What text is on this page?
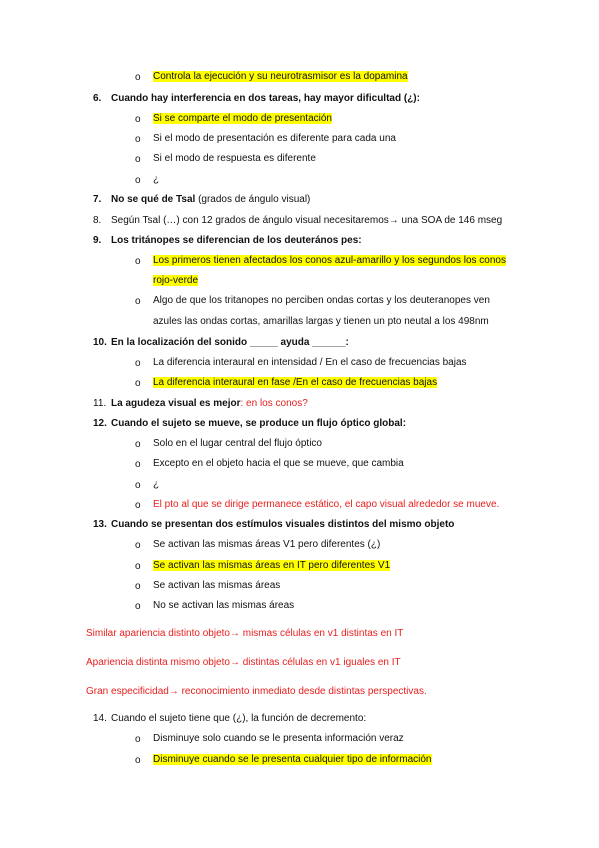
o Controla la ejecución y su neurotrasmisor es la dopamina
6. Cuando hay interferencia en dos tareas, hay mayor dificultad (¿):
o Si se comparte el modo de presentación
o Si el modo de presentación es diferente para cada una
o Si el modo de respuesta es diferente
o ¿
7. No se qué de Tsal (grados de ángulo visual)
8. Según Tsal (…) con 12 grados de ángulo visual necesitaremos→ una SOA de 146 mseg
9. Los tritánopes se diferencian de los deuterános pes:
o Los primeros tienen afectados los conos azul-amarillo y los segundos los conos
rojo-verde
o Algo de que los tritanopes no perciben ondas cortas y los deuteranopes ven
azules las ondas cortas, amarillas largas y tienen un pto neutal a los 498nm
10. En la localización del sonido _____ ayuda ______:
o La diferencia interaural en intensidad / En el caso de frecuencias bajas
o La diferencia interaural en fase /En el caso de frecuencias bajas
11. La agudeza visual es mejor: en los conos?
12. Cuando el sujeto se mueve, se produce un flujo óptico global:
o Solo en el lugar central del flujo óptico
o Excepto en el objeto hacia el que se mueve, que cambia
o ¿
o El pto al que se dirige permanece estático, el capo visual alrededor se mueve.
13. Cuando se presentan dos estímulos visuales distintos del mismo objeto
o Se activan las mismas áreas V1 pero diferentes (¿)
o Se activan las mismas áreas en IT pero diferentes V1
o Se activan las mismas áreas
o No se activan las mismas áreas
Similar apariencia distinto objeto→ mismas células en v1 distintas en IT
Apariencia distinta mismo objeto→ distintas células en v1 iguales en IT
Gran especificidad→ reconocimiento inmediato desde distintas perspectivas.
14. Cuando el sujeto tiene que (¿), la función de decremento:
o Disminuye solo cuando se le presenta información veraz
o Disminuye cuando se le presenta cualquier tipo de información
